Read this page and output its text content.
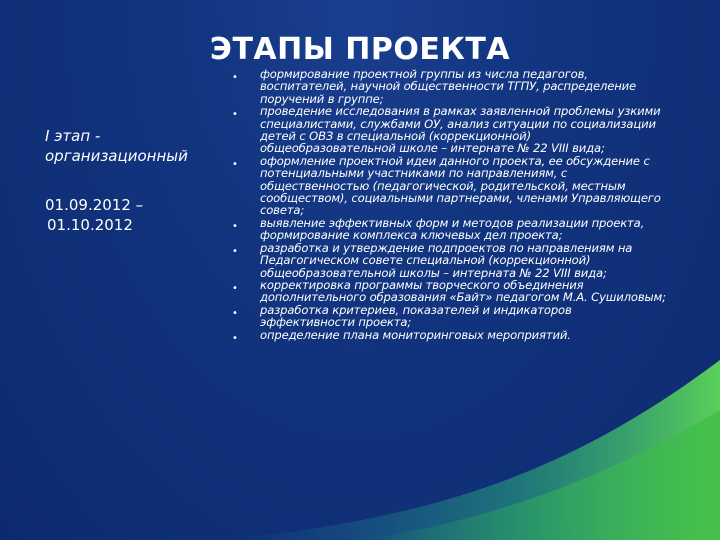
ЭТАПЫ ПРОЕКТА
I этап -
организационный
01.09.2012 –
01.10.2012
• формирование проектной группы из числа педагогов, воспитателей, научной общественности ТГПУ, распределение поручений в группе;
• проведение исследования в рамках заявленной проблемы узкими специалистами, службами ОУ, анализ ситуации по социализации детей с ОВЗ в специальной (коррекционной) общеобразовательной школе – интернате № 22 VIII вида;
• оформление проектной идеи данного проекта, ее обсуждение с потенциальными участниками по направлениям, с общественностью (педагогической, родительской, местным сообществом), социальными партнерами, членами Управляющего совета;
• выявление эффективных форм и методов реализации проекта, формирование комплекса ключевых дел проекта;
• разработка и утверждение подпроектов по направлениям на Педагогическом совете специальной (коррекционной) общеобразовательной школы – интерната № 22 VIII вида;
• корректировка программы творческого объединения дополнительного образования «Байт» педагогом М.А. Сушиловым;
• разработка критериев, показателей и индикаторов эффективности проекта;
• определение плана мониторинговых мероприятий.
